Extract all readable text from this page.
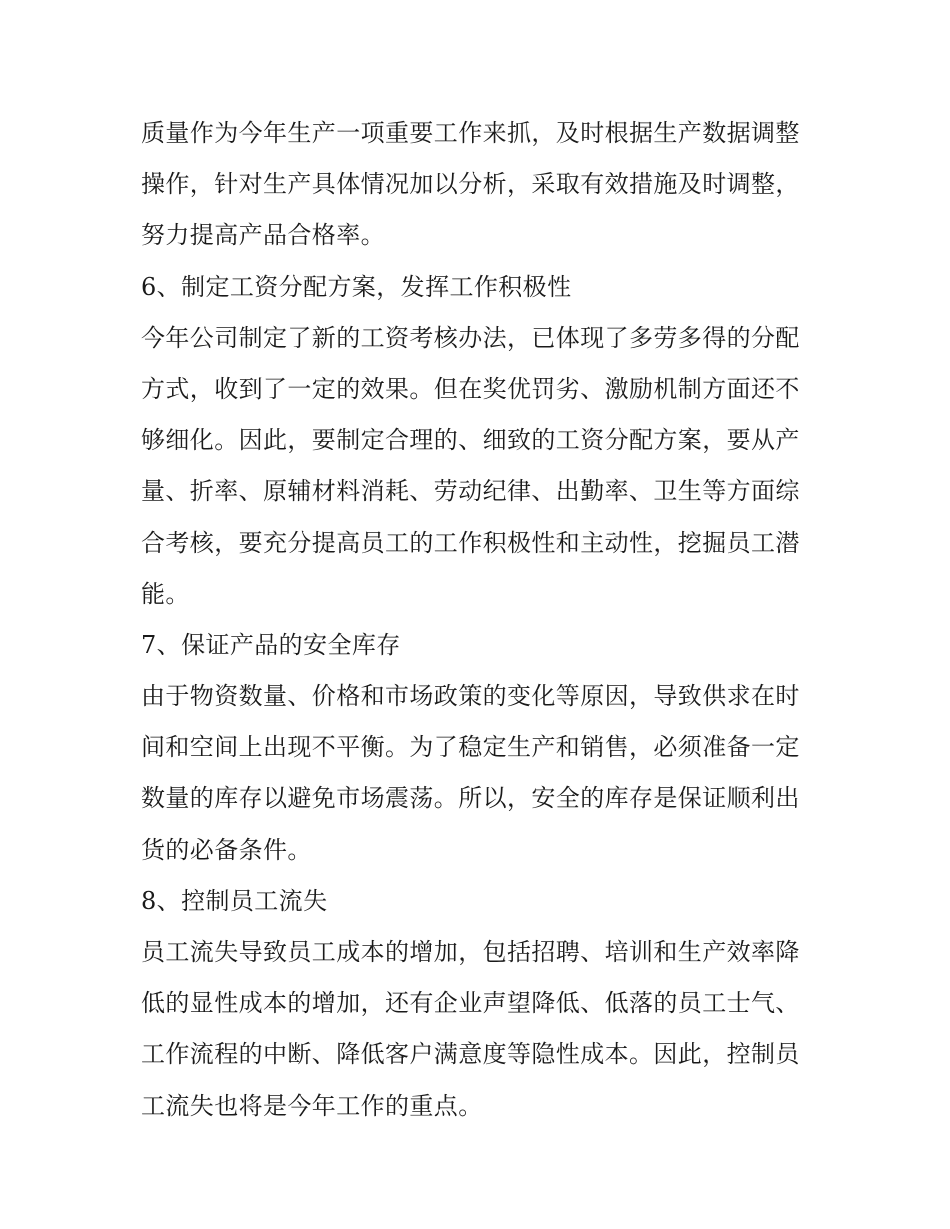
质量作为今年生产一项重要工作来抓，及时根据生产数据调整
操作，针对生产具体情况加以分析，采取有效措施及时调整，
努力提高产品合格率。
6、制定工资分配方案，发挥工作积极性
今年公司制定了新的工资考核办法，已体现了多劳多得的分配
方式，收到了一定的效果。但在奖优罚劣、激励机制方面还不
够细化。因此，要制定合理的、细致的工资分配方案，要从产
量、折率、原辅材料消耗、劳动纪律、出勤率、卫生等方面综
合考核，要充分提高员工的工作积极性和主动性，挖掘员工潜
能。
7、保证产品的安全库存
由于物资数量、价格和市场政策的变化等原因，导致供求在时
间和空间上出现不平衡。为了稳定生产和销售，必须准备一定
数量的库存以避免市场震荡。所以，安全的库存是保证顺利出
货的必备条件。
8、控制员工流失
员工流失导致员工成本的增加，包括招聘、培训和生产效率降
低的显性成本的增加，还有企业声望降低、低落的员工士气、
工作流程的中断、降低客户满意度等隐性成本。因此，控制员
工流失也将是今年工作的重点。
